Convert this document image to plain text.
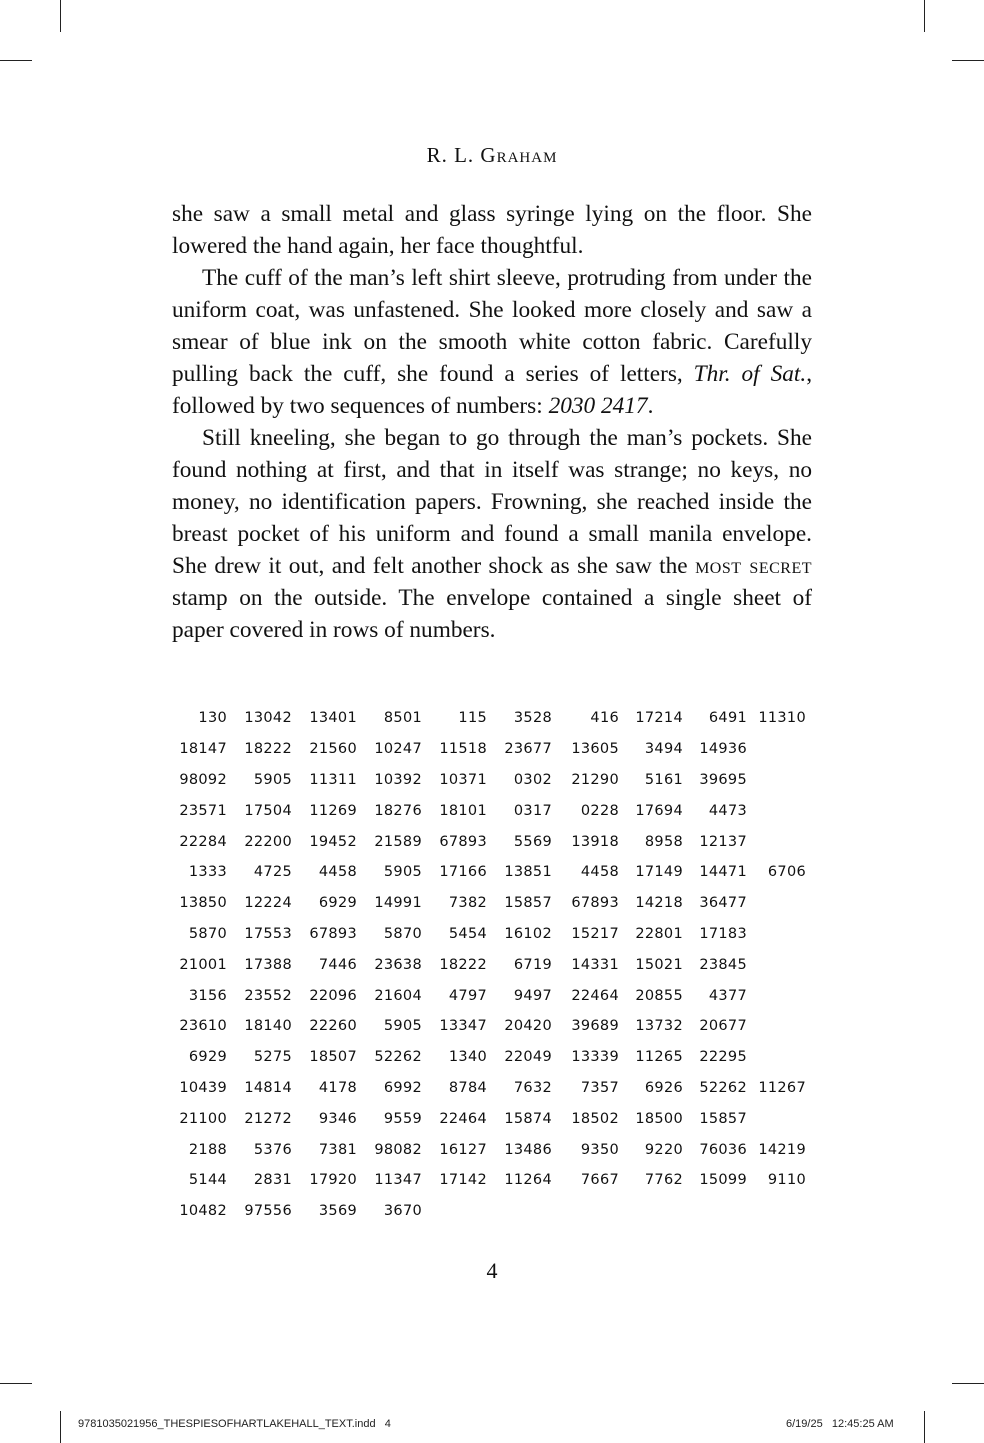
R. L. Graham

she saw a small metal and glass syringe lying on the floor. She lowered the hand again, her face thoughtful.

The cuff of the man’s left shirt sleeve, protruding from under the uniform coat, was unfastened. She looked more closely and saw a smear of blue ink on the smooth white cotton fabric. Carefully pulling back the cuff, she found a series of letters, Thr. of Sat., followed by two sequences of numbers: 2030 2417.

Still kneeling, she began to go through the man’s pockets. She found nothing at first, and that in itself was strange; no keys, no money, no identification papers. Frowning, she reached inside the breast pocket of his uniform and found a small manila envelope. She drew it out, and felt another shock as she saw the most secret stamp on the outside. The envelope contained a single sheet of paper covered in rows of numbers.

130	13042	13401	8501	115	3528	416	17214	6491	11310
18147	18222	21560	10247	11518	23677	13605	3494	14936	
98092	5905	11311	10392	10371	0302	21290	5161	39695	
23571	17504	11269	18276	18101	0317	0228	17694	4473	
22284	22200	19452	21589	67893	5569	13918	8958	12137	
1333	4725	4458	5905	17166	13851	4458	17149	14471	6706
13850	12224	6929	14991	7382	15857	67893	14218	36477	
5870	17553	67893	5870	5454	16102	15217	22801	17183	
21001	17388	7446	23638	18222	6719	14331	15021	23845	
3156	23552	22096	21604	4797	9497	22464	20855	4377	
23610	18140	22260	5905	13347	20420	39689	13732	20677	
6929	5275	18507	52262	1340	22049	13339	11265	22295	
10439	14814	4178	6992	8784	7632	7357	6926	52262	11267
21100	21272	9346	9559	22464	15874	18502	18500	15857	
2188	5376	7381	98082	16127	13486	9350	9220	76036	14219
5144	2831	17920	11347	17142	11264	7667	7762	15099	9110
10482	97556	3569	3670						
4
9781035021956_THESPIESOFHARTLAKEHALL_TEXT.indd   4	6/19/25   12:45:25 AM
